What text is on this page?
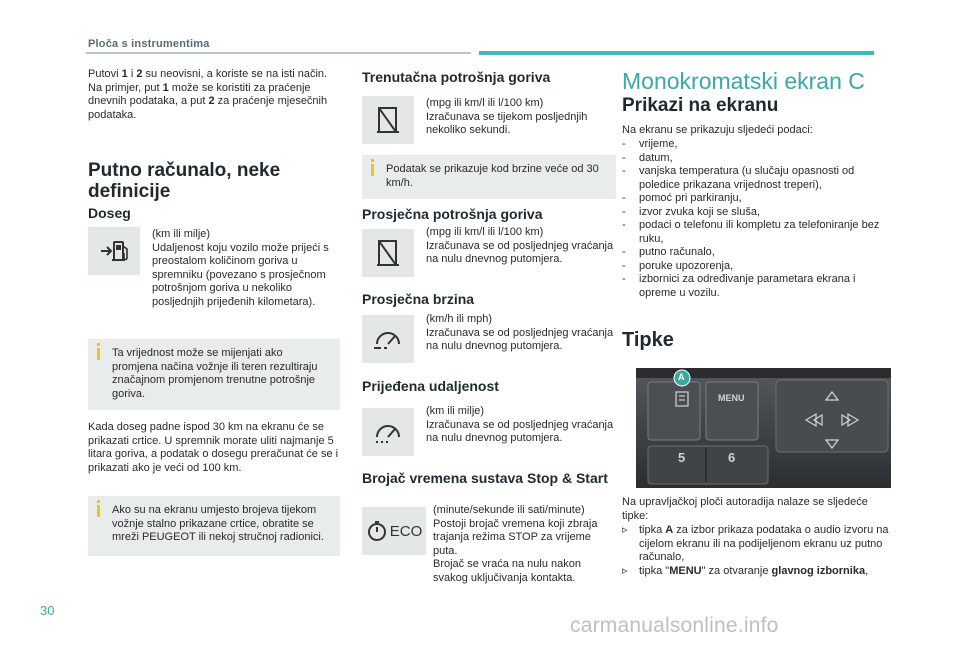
Ploča s instrumentima
Putovi 1 i 2 su neovisni, a koriste se na isti način.
Na primjer, put 1 može se koristiti za praćenje dnevnih podataka, a put 2 za praćenje mjesečnih podataka.
Putno računalo, neke definicije
Doseg
(km ili milje)
Udaljenost koju vozilo može prijeći s preostalom količinom goriva u spremniku (povezano s prosječnom potrošnjom goriva u nekoliko posljednjih prijeđenih kilometara).
Ta vrijednost može se mijenjati ako promjena načina vožnje ili teren rezultiraju značajnom promjenom trenutne potrošnje goriva.
Kada doseg padne ispod 30 km na ekranu će se prikazati crtice. U spremnik morate uliti najmanje 5 litara goriva, a podatak o dosegu preračunat će se i prikazati ako je veći od 100 km.
Ako su na ekranu umjesto brojeva tijekom vožnje stalno prikazane crtice, obratite se mreži PEUGEOT ili nekoj stručnoj radionici.
Trenutačna potrošnja goriva
(mpg ili km/l ili l/100 km)
Izračunava se tijekom posljednjih nekoliko sekundi.
Podatak se prikazuje kod brzine veće od 30 km/h.
Prosječna potrošnja goriva
(mpg ili km/l ili l/100 km)
Izračunava se od posljednjeg vraćanja na nulu dnevnog putomjera.
Prosječna brzina
(km/h ili mph)
Izračunava se od posljednjeg vraćanja na nulu dnevnog putomjera.
Prijeđena udaljenost
(km ili milje)
Izračunava se od posljednjeg vraćanja na nulu dnevnog putomjera.
Brojač vremena sustava Stop & Start
ECO
(minute/sekunde ili sati/minute)
Postoji brojač vremena koji zbraja trajanja režima STOP za vrijeme puta.
Brojač se vraća na nulu nakon svakog uključivanja kontakta.
Monokromatski ekran C
Prikazi na ekranu
Na ekranu se prikazuju sljedeći podaci:
- vrijeme,
- datum,
- vanjska temperatura (u slučaju opasnosti od poledice prikazana vrijednost treperi),
- pomoć pri parkiranju,
- izvor zvuka koji se sluša,
- podaci o telefonu ili kompletu za telefoniranje bez ruku,
- putno računalo,
- poruke upozorenja,
- izbornici za određivanje parametara ekrana i opreme u vozilu.
Tipke
A
MENU
5	6
Na upravljačkoj ploči autoradija nalaze se sljedeće tipke:
▹ tipka A za izbor prikaza podataka o audio izvoru na cijelom ekranu ili na podijeljenom ekranu uz putno računalo,
▹ tipka "MENU" za otvaranje glavnog izbornika,
30
carmanualsonline.info
